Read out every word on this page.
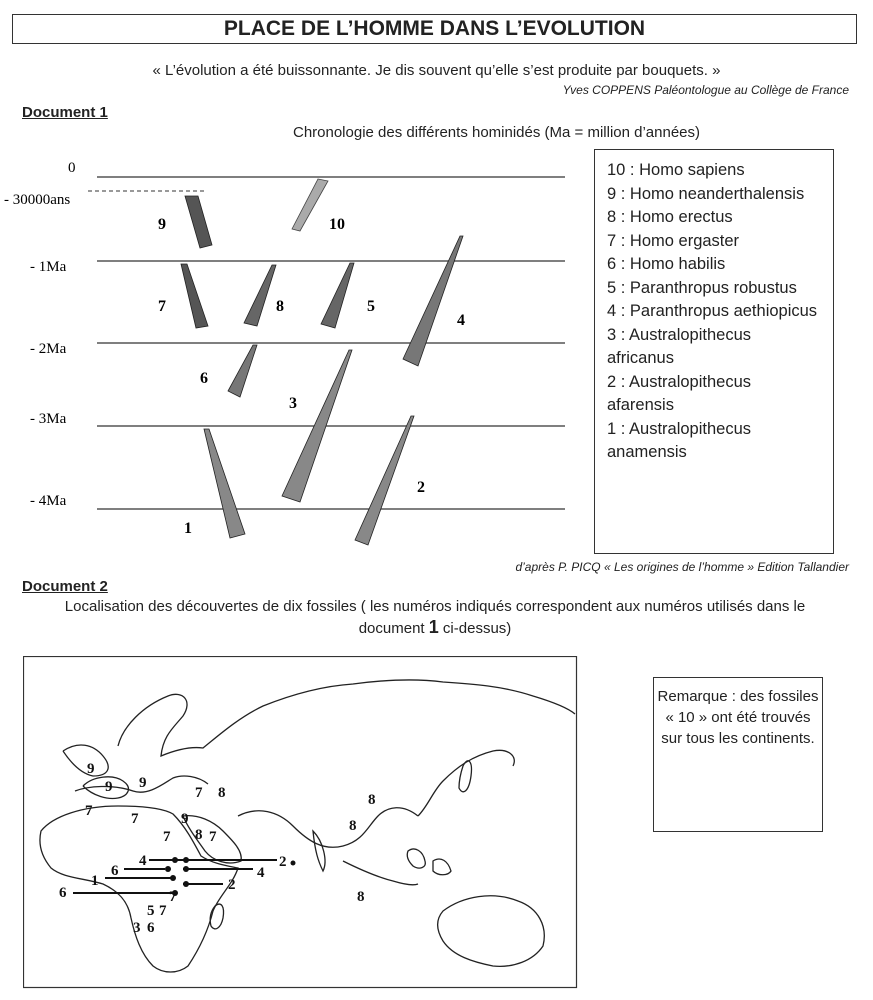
PLACE DE L’HOMME DANS L’EVOLUTION
« L’évolution a été buissonnante. Je dis souvent qu’elle s’est produite par bouquets. »
Yves COPPENS Paléontologue au Collège de France
Document 1
Chronologie des différents hominidés (Ma = million d’années)
0
- 30000ans
- 1Ma
- 2Ma
- 3Ma
- 4Ma
1
2
3
4
5
6
7	8
9	10
10 : Homo sapiens
9 : Homo neanderthalensis
8 : Homo erectus
7 : Homo ergaster
6 : Homo habilis
5 : Paranthropus robustus
4 : Paranthropus aethiopicus
3 : Australopithecus africanus
2 : Australopithecus afarensis
1 : Australopithecus anamensis
d’après P. PICQ « Les origines de l’homme » Edition Tallandier
Document 2
Localisation des découvertes de dix fossiles ( les numéros indiqués correspondent aux numéros utilisés dans le document 1 ci-dessus)
9
9
9	7 8
7	7	9
7 8 7
8
8
4
6
1
6
2
4
2
5 7
3 6
7	8
Remarque : des fossiles « 10 » ont été trouvés sur tous les continents.
